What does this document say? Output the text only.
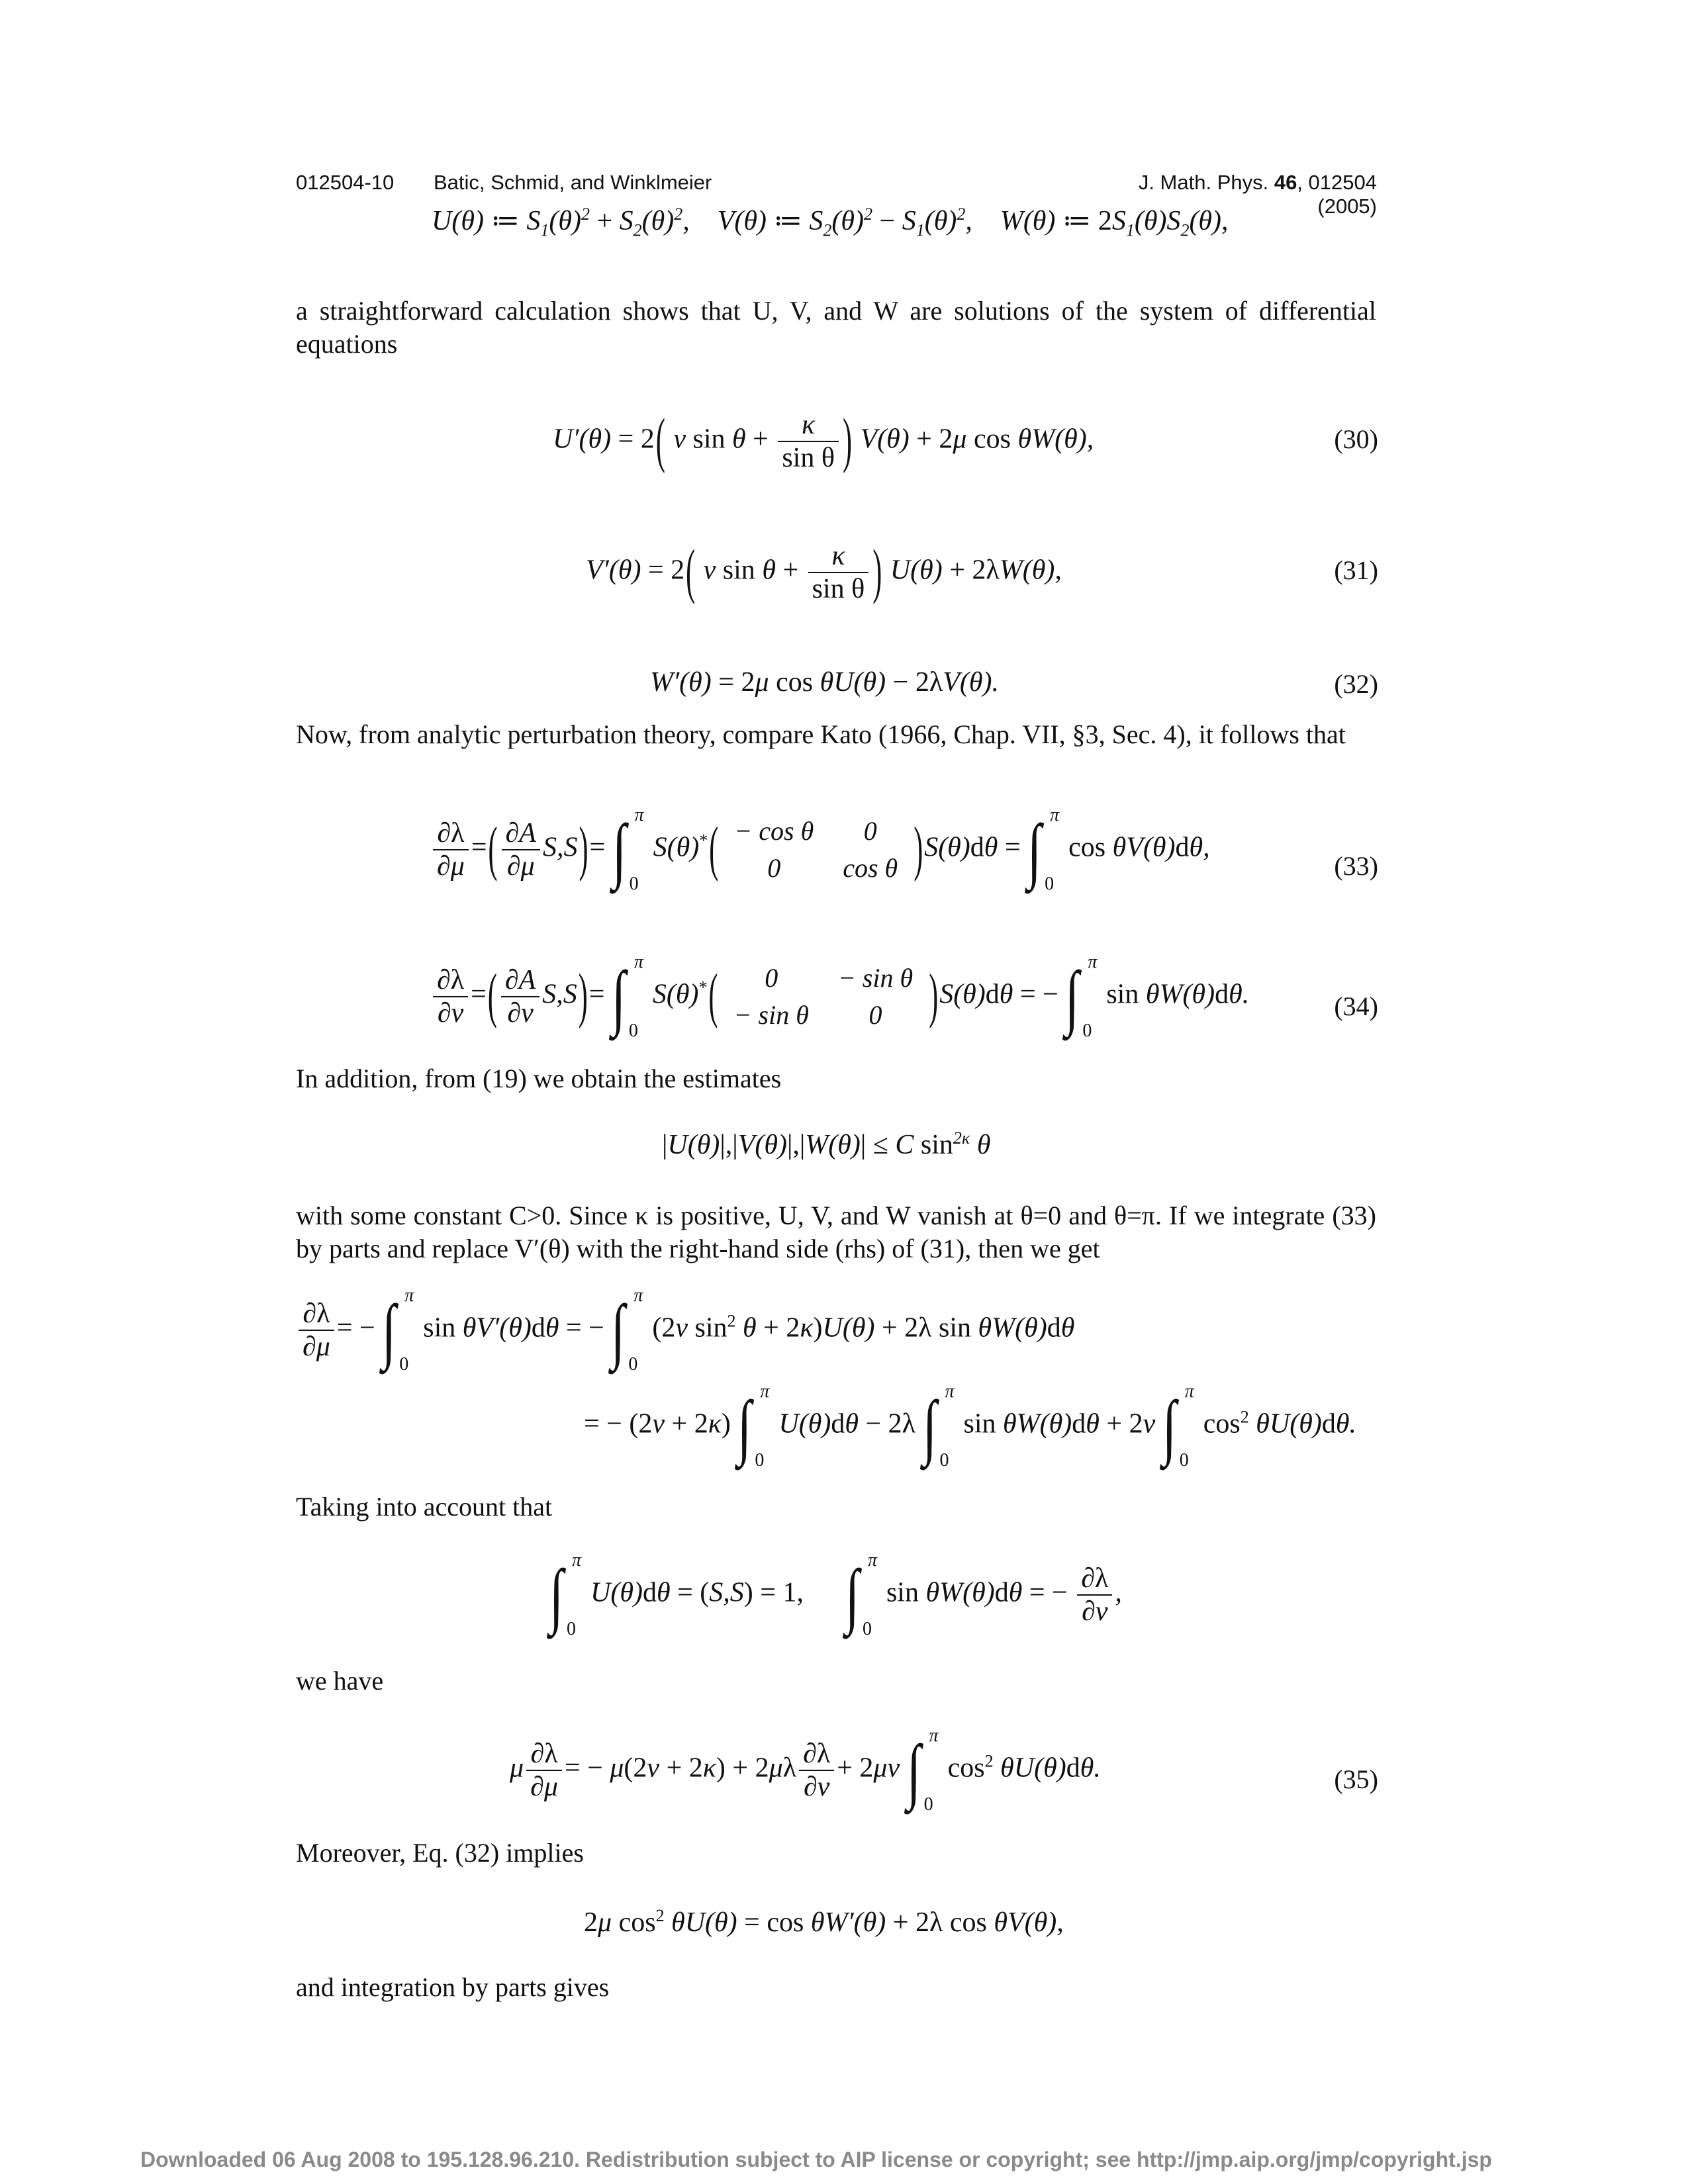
012504-10 Batic, Schmid, and Winklmeier	J. Math. Phys. 46, 012504 (2005)
U(θ) ≔ $S_1(\theta)^2 + S_2(\theta)^2$,    V(θ) ≔ $S_2(\theta)^2 - S_1(\theta)^2$,    W(θ) ≔ $2S_1(\theta)S_2(\theta)$,
a straightforward calculation shows that U, V, and W are solutions of the system of differential equations
U′(θ) = 2( ν $\sin \theta + \frac{\kappa}{\text{sin θ}}$ ) V(θ) + 2μ cos θW(θ),	(30)
V′(θ) = 2( ν $\sin \theta + \frac{\kappa}{\text{sin θ}}$ ) U(θ) + 2λW(θ),	(31)
W′(θ) = 2μ cos θU(θ) − 2λV(θ).	(32)
Now, from analytic perturbation theory, compare Kato (1966, Chap. VII, §3, Sec. 4), it follows that
$\frac{\partial\lambda}{\partial\mu}$ =( $\frac{\partial A}{\partial\mu} S,S)=$ ∫ π
0
S(θ)*( − cos θ	0
0	cos θ )S(θ)dθ = ∫ π
0
cos θV(θ)dθ,
(33)
$\frac{\partial\lambda}{\partial\nu}$ =( $\frac{\partial A}{\partial\nu} S,S)=$ ∫ π
0
S(θ)*( 0	− sin θ
− sin θ	0 )S(θ)dθ = − ∫ π
0
sin θW(θ)dθ.	(34)
In addition, from (19) we obtain the estimates
|U(θ)|,|V(θ)|,|W(θ)| ≤ C $\sin^{2\kappa} \theta$
with some constant C>0. Since κ is positive, U, V, and W vanish at θ=0 and θ=π. If we integrate (33) by parts and replace V′(θ) with the right-hand side (rhs) of (31), then we get
$\frac{\partial\lambda}{\partial\mu}$ = − ∫ π
0
sin θV′(θ)dθ = − ∫ π
0
(2ν $\sin^2 \theta + 2\kappa)U(\theta) + 2\lambda$ sin θW(θ)dθ
= − (2ν + 2κ) ∫ π
0
U(θ)dθ − 2λ ∫ π
0
sin θW(θ)dθ + 2ν ∫ π
0
$\cos^2 \theta U(\theta)d\theta$.
Taking into account that
∫ π
0
U(θ)dθ = (S,S) = 1, ∫ π
0
sin θW(θ)dθ = − $\frac{\partial\lambda}{\partial\nu}$ ,
we have
μ $\frac{\partial\lambda}{\partial\mu}$ = − $\mu(2\nu + 2\kappa) + 2\mu\lambda \frac{\partial\lambda}{\partial\nu} + 2\mu\nu$ ∫ π
0
$\cos^2 \theta U(\theta)d\theta$.	(35)
Moreover, Eq. (32) implies
2μ $\cos^2 \theta U(\theta) = \cos \theta W'(\theta) + 2\lambda$ cos θV(θ),
and integration by parts gives
Downloaded 06 Aug 2008 to 195.128.96.210. Redistribution subject to AIP license or copyright; see http://jmp.aip.org/jmp/copyright.jsp
